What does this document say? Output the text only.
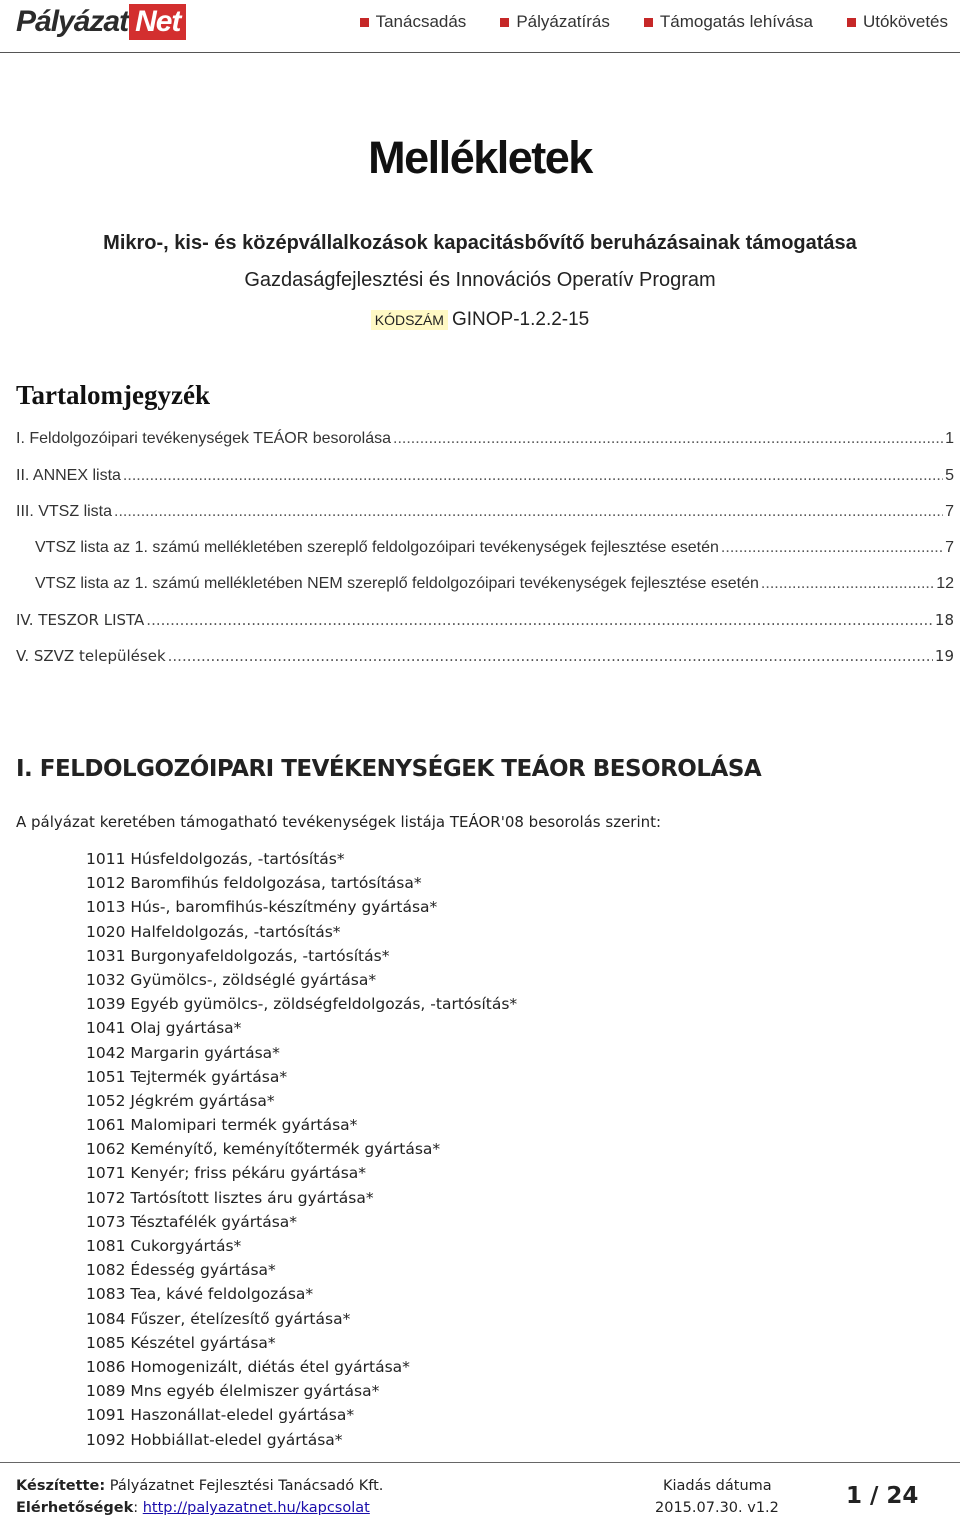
Pályázat Net	Tanácsadás	Pályázatírás	Támogatás lehívása	Utókövetés
Mellékletek
Mikro-, kis- és középvállalkozások kapacitásbővítő beruházásainak támogatása
Gazdaságfejlesztési és Innovációs Operatív Program
KÓDSZÁM GINOP-1.2.2-15
Tartalomjegyzék
I. Feldolgozóipari tevékenységek TEÁOR besorolása .....	1
II. ANNEX lista .....	5
III. VTSZ lista .....	7
VTSZ lista az 1. számú mellékletében szereplő feldolgozóipari tevékenységek fejlesztése esetén .....	7
VTSZ lista az 1. számú mellékletében NEM szereplő feldolgozóipari tevékenységek fejlesztése esetén .....	12
IV. TESZOR LISTA .....	18
V. SZVZ települések .....	19
I. FELDOLGOZÓIPARI TEVÉKENYSÉGEK TEÁOR BESOROLÁSA
A pályázat keretében támogatható tevékenységek listája TEÁOR'08 besorolás szerint:
1011 Húsfeldolgozás, -tartósítás*
1012 Baromfihús feldolgozása, tartósítása*
1013 Hús-, baromfihús-készítmény gyártása*
1020 Halfeldolgozás, -tartósítás*
1031 Burgonyafeldolgozás, -tartósítás*
1032 Gyümölcs-, zöldséglé gyártása*
1039 Egyéb gyümölcs-, zöldségfeldolgozás, -tartósítás*
1041 Olaj gyártása*
1042 Margarin gyártása*
1051 Tejtermék gyártása*
1052 Jégkrém gyártása*
1061 Malomipari termék gyártása*
1062 Keményítő, keményítőtermék gyártása*
1071 Kenyér; friss pékáru gyártása*
1072 Tartósított lisztes áru gyártása*
1073 Tésztafélék gyártása*
1081 Cukorgyártás*
1082 Édesség gyártása*
1083 Tea, kávé feldolgozása*
1084 Fűszer, ételízesítő gyártása*
1085 Készétel gyártása*
1086 Homogenizált, diétás étel gyártása*
1089 Mns egyéb élelmiszer gyártása*
1091 Haszonállat-eledel gyártása*
1092 Hobbiállat-eledel gyártása*
Készítette: Pályázatnet Fejlesztési Tanácsadó Kft.
Elérhetőségek: http://palyazatnet.hu/kapcsolat
Kiadás dátuma
2015.07.30. v1.2	1 / 24
